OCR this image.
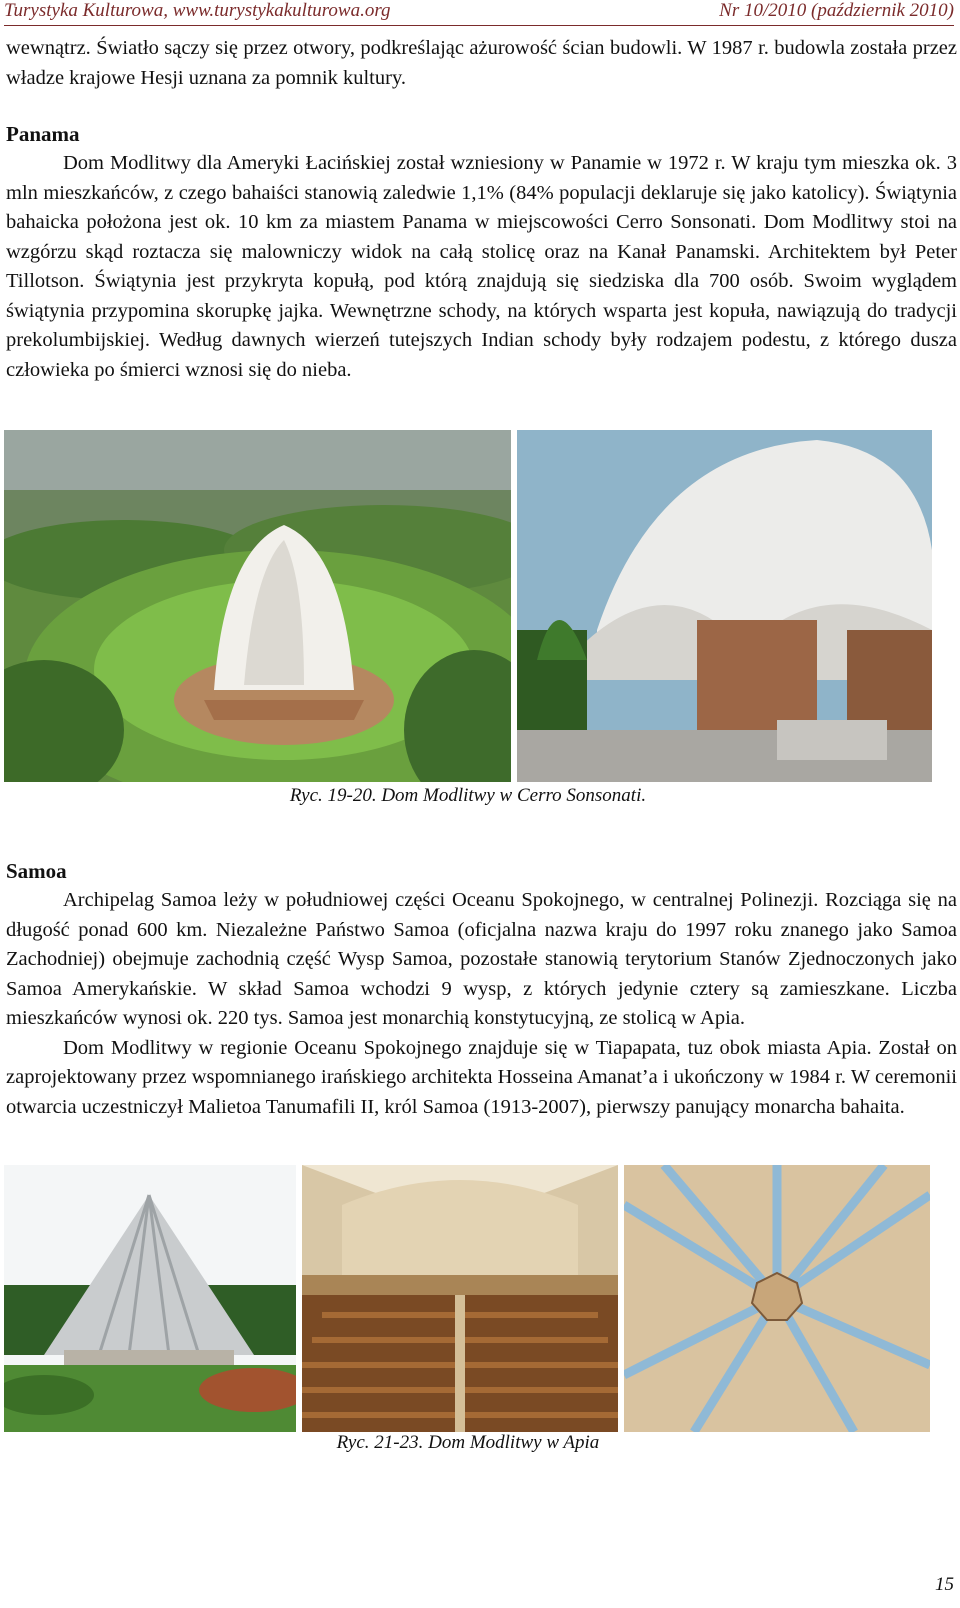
Turystyka Kulturowa, www.turystykakulturowa.org	Nr 10/2010 (październik 2010)

wewnątrz. Światło sączy się przez otwory, podkreślając ażurowość ścian budowli. W 1987 r. budowla została przez władze krajowe Hesji uznana za pomnik kultury.

Panama

Dom Modlitwy dla Ameryki Łacińskiej został wzniesiony w Panamie w 1972 r. W kraju tym mieszka ok. 3 mln mieszkańców, z czego bahaiści stanowią zaledwie 1,1% (84% populacji deklaruje się jako katolicy). Świątynia bahaicka położona jest ok. 10 km za miastem Panama w miejscowości Cerro Sonsonati. Dom Modlitwy stoi na wzgórzu skąd roztacza się malowniczy widok na całą stolicę oraz na Kanał Panamski. Architektem był Peter Tillotson. Świątynia jest przykryta kopułą, pod którą znajdują się siedziska dla 700 osób. Swoim wyglądem świątynia przypomina skorupkę jajka. Wewnętrzne schody, na których wsparta jest kopuła, nawiązują do tradycji prekolumbijskiej. Według dawnych wierzeń tutejszych Indian schody były rodzajem podestu, z którego dusza człowieka po śmierci wznosi się do nieba.

Ryc. 19-20. Dom Modlitwy w Cerro Sonsonati.
Samoa

Archipelag Samoa leży w południowej części Oceanu Spokojnego, w centralnej Polinezji. Rozciąga się na długość ponad 600 km. Niezależne Państwo Samoa (oficjalna nazwa kraju do 1997 roku znanego jako Samoa Zachodniej) obejmuje zachodnią część Wysp Samoa, pozostałe stanowią terytorium Stanów Zjednoczonych jako Samoa Amerykańskie. W skład Samoa wchodzi 9 wysp, z których jedynie cztery są zamieszkane. Liczba mieszkańców wynosi ok. 220 tys. Samoa jest monarchią konstytucyjną, ze stolicą w Apia.

Dom Modlitwy w regionie Oceanu Spokojnego znajduje się w Tiapapata, tuz obok miasta Apia. Został on zaprojektowany przez wspomnianego irańskiego architekta Hosseina Amanat’a i ukończony w 1984 r. W ceremonii otwarcia uczestniczył Malietoa Tanumafili II, król Samoa (1913-2007), pierwszy panujący monarcha bahaita.

Ryc. 21-23. Dom Modlitwy w Apia
15
